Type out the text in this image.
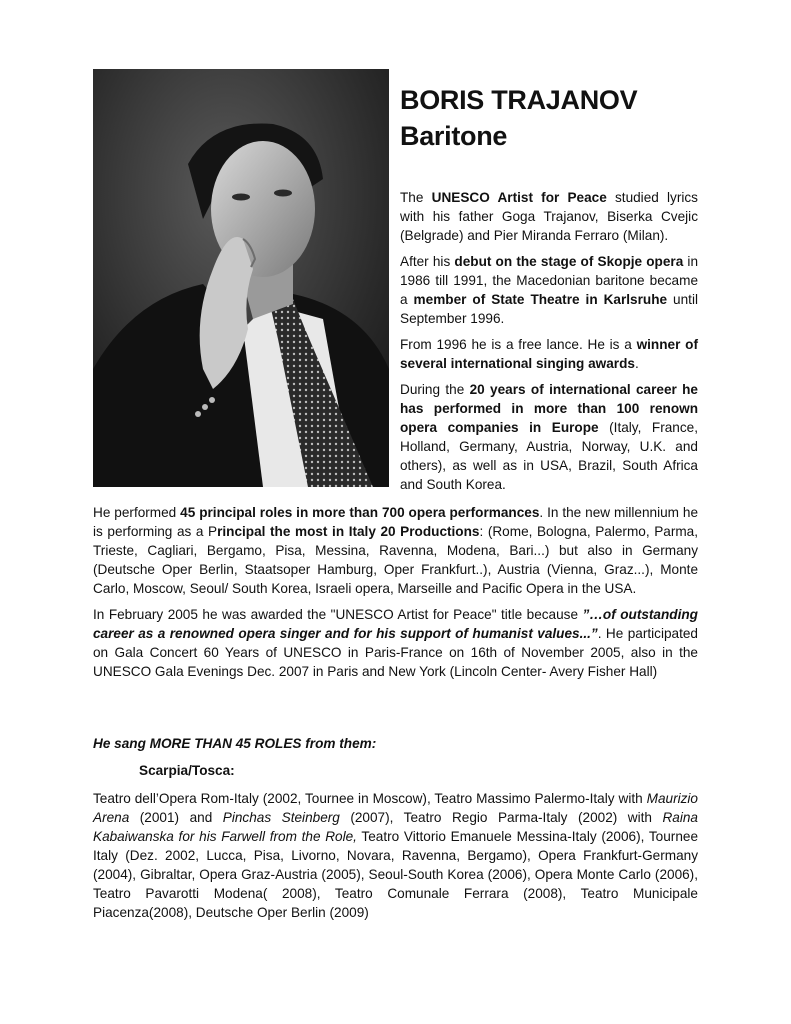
BORIS TRAJANOV
Baritone

The UNESCO Artist for Peace studied lyrics with his father Goga Trajanov, Biserka Cvejic (Belgrade) and Pier Miranda Ferraro (Milan).

After his debut on the stage of Skopje opera in 1986 till 1991, the Macedonian baritone became a member of State Theatre in Karlsruhe until September 1996.

From 1996 he is a free lance. He is a winner of several international singing awards.

During the 20 years of international career he has performed in more than 100 renown opera companies in Europe (Italy, France, Holland, Germany, Austria, Norway, U.K. and others), as well as in USA, Brazil, South Africa and South Korea.

He performed 45 principal roles in more than 700 opera performances. In the new millennium he is performing as a Principal the most in Italy 20 Productions: (Rome, Bologna, Palermo, Parma, Trieste, Cagliari, Bergamo, Pisa, Messina, Ravenna, Modena, Bari...) but also in Germany (Deutsche Oper Berlin, Staatsoper Hamburg, Oper Frankfurt..), Austria (Vienna, Graz...), Monte Carlo, Moscow, Seoul/ South Korea, Israeli opera, Marseille and Pacific Opera in the USA.

In February 2005 he was awarded the "UNESCO Artist for Peace" title because ”…of outstanding career as a renowned opera singer and for his support of humanist values...”. He participated on Gala Concert 60 Years of UNESCO in Paris-France on 16th of November 2005, also in the UNESCO Gala Evenings Dec. 2007 in Paris and New York (Lincoln Center- Avery Fisher Hall)

He sang MORE THAN 45 ROLES from them:

Scarpia/Tosca:

Teatro dell’Opera Rom-Italy (2002, Tournee in Moscow), Teatro Massimo Palermo-Italy with Maurizio Arena (2001) and Pinchas Steinberg (2007), Teatro Regio Parma-Italy (2002) with Raina Kabaiwanska for his Farwell from the Role, Teatro Vittorio Emanuele Messina-Italy (2006), Tournee Italy (Dez. 2002, Lucca, Pisa, Livorno, Novara, Ravenna, Bergamo), Opera Frankfurt-Germany (2004), Gibraltar, Opera Graz-Austria (2005), Seoul-South Korea (2006), Opera Monte Carlo (2006), Teatro Pavarotti Modena( 2008), Teatro Comunale Ferrara (2008), Teatro Municipale Piacenza(2008), Deutsche Oper Berlin (2009)
